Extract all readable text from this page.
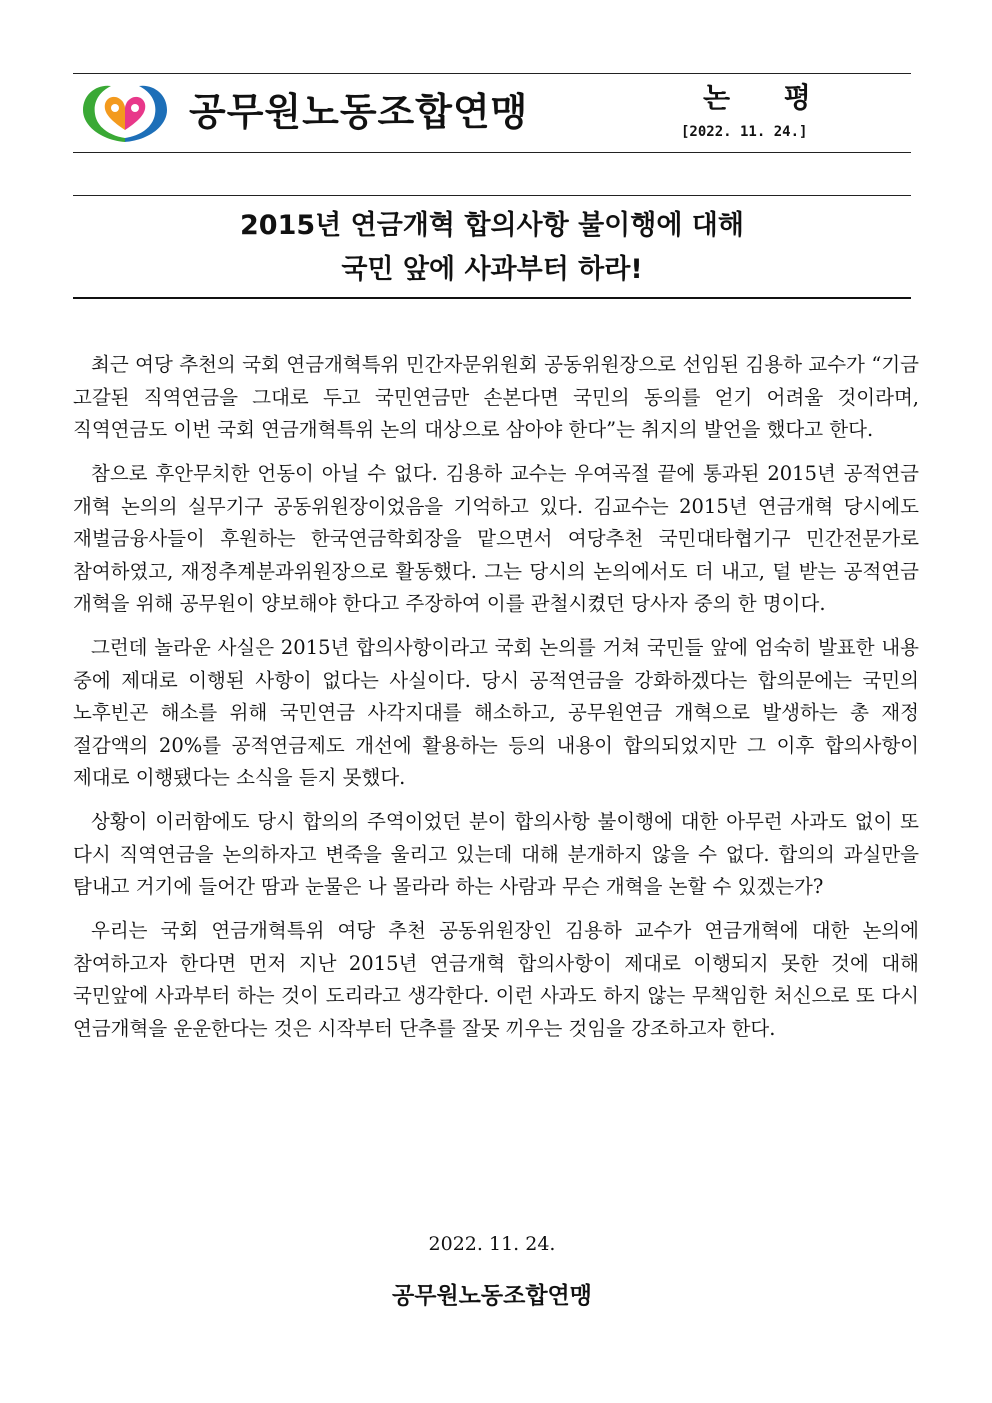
공무원노동조합연맹	논 평
[2022. 11. 24.]
2015년 연금개혁 합의사항 불이행에 대해
국민 앞에 사과부터 하라!

최근 여당 추천의 국회 연금개혁특위 민간자문위원회 공동위원장으로 선임된 김용하 교수가 “기금 고갈된 직역연금을 그대로 두고 국민연금만 손본다면 국민의 동의를 얻기 어려울 것이라며, 직역연금도 이번 국회 연금개혁특위 논의 대상으로 삼아야 한다”는 취지의 발언을 했다고 한다.

참으로 후안무치한 언동이 아닐 수 없다. 김용하 교수는 우여곡절 끝에 통과된 2015년 공적연금 개혁 논의의 실무기구 공동위원장이었음을 기억하고 있다. 김교수는 2015년 연금개혁 당시에도 재벌금융사들이 후원하는 한국연금학회장을 맡으면서 여당추천 국민대타협기구 민간전문가로 참여하였고, 재정추계분과위원장으로 활동했다. 그는 당시의 논의에서도 더 내고, 덜 받는 공적연금 개혁을 위해 공무원이 양보해야 한다고 주장하여 이를 관철시켰던 당사자 중의 한 명이다.

그런데 놀라운 사실은 2015년 합의사항이라고 국회 논의를 거쳐 국민들 앞에 엄숙히 발표한 내용 중에 제대로 이행된 사항이 없다는 사실이다. 당시 공적연금을 강화하겠다는 합의문에는 국민의 노후빈곤 해소를 위해 국민연금 사각지대를 해소하고, 공무원연금 개혁으로 발생하는 총 재정 절감액의 20%를 공적연금제도 개선에 활용하는 등의 내용이 합의되었지만 그 이후 합의사항이 제대로 이행됐다는 소식을 듣지 못했다.

상황이 이러함에도 당시 합의의 주역이었던 분이 합의사항 불이행에 대한 아무런 사과도 없이 또 다시 직역연금을 논의하자고 변죽을 울리고 있는데 대해 분개하지 않을 수 없다. 합의의 과실만을 탐내고 거기에 들어간 땀과 눈물은 나 몰라라 하는 사람과 무슨 개혁을 논할 수 있겠는가?

우리는 국회 연금개혁특위 여당 추천 공동위원장인 김용하 교수가 연금개혁에 대한 논의에 참여하고자 한다면 먼저 지난 2015년 연금개혁 합의사항이 제대로 이행되지 못한 것에 대해 국민앞에 사과부터 하는 것이 도리라고 생각한다. 이런 사과도 하지 않는 무책임한 처신으로 또 다시 연금개혁을 운운한다는 것은 시작부터 단추를 잘못 끼우는 것임을 강조하고자 한다.

2022. 11. 24.
공무원노동조합연맹
